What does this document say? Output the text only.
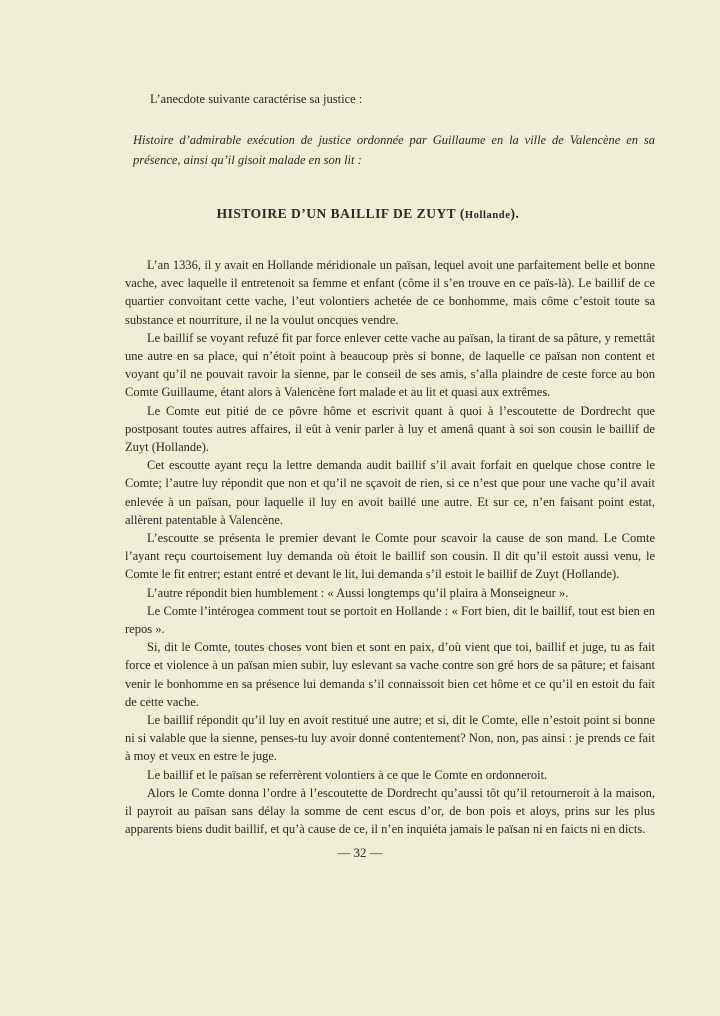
L’anecdote suivante caractérise sa justice :

Histoire d’admirable exécution de justice ordonnée par Guillaume en la ville de Valencène en sa présence, ainsi qu’il gisoit malade en son lit :

HISTOIRE D’UN BAILLIF DE ZUYT (Hollande).

L’an 1336, il y avait en Hollande méridionale un païsan, lequel avoit une parfaitement belle et bonne vache, avec laquelle il entretenoit sa femme et enfant (côme il s’en trouve en ce païs-là). Le baillif de ce quartier convoitant cette vache, l’eut volontiers achetée de ce bonhomme, mais côme c’estoit toute sa substance et nourriture, il ne la voulut oncques vendre.

Le baillif se voyant refuzé fit par force enlever cette vache au païsan, la tirant de sa pâture, y remettât une autre en sa place, qui n’étoit point à beaucoup près si bonne, de laquelle ce païsan non content et voyant qu’il ne pouvait ravoir la sienne, par le conseil de ses amis, s’alla plaindre de ceste force au bon Comte Guillaume, étant alors à Valencène fort malade et au lit et quasi aux extrêmes.

Le Comte eut pitié de ce pôvre hôme et escrivit quant à quoi à l’escoutette de Dordrecht que postposant toutes autres affaires, il eût à venir parler à luy et amenâ quant à soi son cousin le baillif de Zuyt (Hollande).

Cet escoutte ayant reçu la lettre demanda audit baillif s’il avait forfait en quelque chose contre le Comte; l’autre luy répondit que non et qu’il ne sçavoit de rien, si ce n’est que pour une vache qu’il avait enlevée à un païsan, pour laquelle il luy en avoit baillé une autre. Et sur ce, n’en faisant point estat, allèrent patentable à Valencène.

L’escoutte se présenta le premier devant le Comte pour scavoir la cause de son mand. Le Comte l’ayant reçu courtoisement luy demanda où étoit le baillif son cousin. Il dit qu’il estoit aussi venu, le Comte le fit entrer; estant entré et devant le lit, lui demanda s’il estoit le baillif de Zuyt (Hollande).

L’autre répondit bien humblement : « Aussi longtemps qu’il plaira à Monseigneur ».

Le Comte l’intérogea comment tout se portoit en Hollande : « Fort bien, dit le baillif, tout est bien en repos ».

Si, dit le Comte, toutes choses vont bien et sont en paix, d’où vient que toi, baillif et juge, tu as fait force et violence à un païsan mien subir, luy eslevant sa vache contre son gré hors de sa pâture; et faisant venir le bonhomme en sa présence lui demanda s’il connaissoit bien cet hôme et ce qu’il en estoit du fait de cette vache.

Le baillif répondit qu’il luy en avoit restitué une autre; et si, dit le Comte, elle n’estoit point si bonne ni si valable que la sienne, penses-tu luy avoir donné contentement? Non, non, pas ainsi : je prends ce fait à moy et veux en estre le juge.

Le baillif et le païsan se referrèrent volontiers à ce que le Comte en ordonneroit.

Alors le Comte donna l’ordre à l’escoutette de Dordrecht qu’aussi tôt qu’il retourneroit à la maison, il payroit au païsan sans délay la somme de cent escus d’or, de bon pois et aloys, prins sur les plus apparents biens dudit baillif, et qu’à cause de ce, il n’en inquiéta jamais le païsan ni en faicts ni en dicts.

— 32 —
